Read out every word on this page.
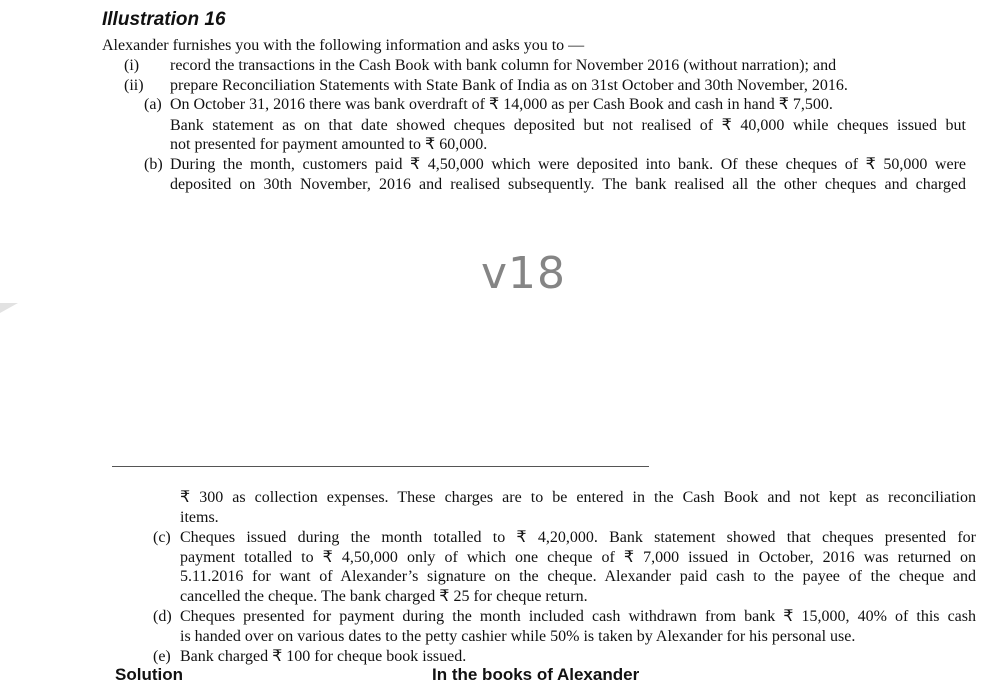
Illustration 16
Alexander furnishes you with the following information and asks you to —
(i) record the transactions in the Cash Book with bank column for November 2016 (without narration); and
(ii) prepare Reconciliation Statements with State Bank of India as on 31st October and 30th November, 2016.
(a) On October 31, 2016 there was bank overdraft of ₹ 14,000 as per Cash Book and cash in hand ₹ 7,500.
Bank statement as on that date showed cheques deposited but not realised of ₹ 40,000 while cheques issued but
not presented for payment amounted to ₹ 60,000.
(b) During the month, customers paid ₹ 4,50,000 which were deposited into bank. Of these cheques of ₹ 50,000 were
deposited on 30th November, 2016 and realised subsequently. The bank realised all the other cheques and charged
v18
₹ 300 as collection expenses. These charges are to be entered in the Cash Book and not kept as reconciliation
items.
(c) Cheques issued during the month totalled to ₹ 4,20,000. Bank statement showed that cheques presented for
payment totalled to ₹ 4,50,000 only of which one cheque of ₹ 7,000 issued in October, 2016 was returned on
5.11.2016 for want of Alexander’s signature on the cheque. Alexander paid cash to the payee of the cheque and
cancelled the cheque. The bank charged ₹ 25 for cheque return.
(d) Cheques presented for payment during the month included cash withdrawn from bank ₹ 15,000, 40% of this cash
is handed over on various dates to the petty cashier while 50% is taken by Alexander for his personal use.
(e) Bank charged ₹ 100 for cheque book issued.
Solution	In the books of Alexander
